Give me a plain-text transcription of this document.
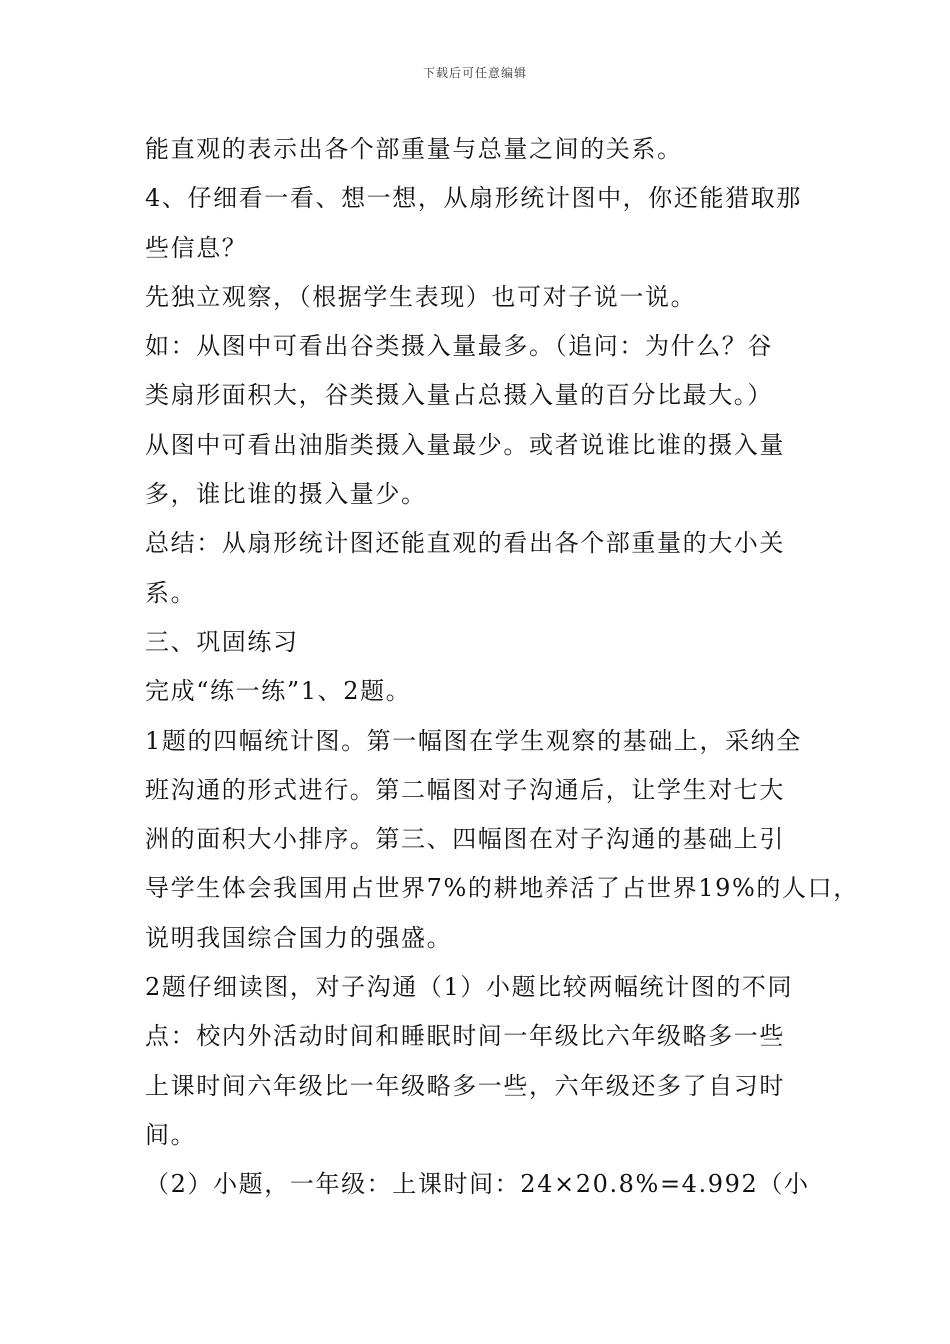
下载后可任意编辑
能直观的表示出各个部重量与总量之间的关系。
4、仔细看一看、想一想，从扇形统计图中，你还能猎取那
些信息？
先独立观察，（根据学生表现）也可对子说一说。
如：从图中可看出谷类摄入量最多。（追问：为什么？谷
类扇形面积大，谷类摄入量占总摄入量的百分比最大。）
从图中可看出油脂类摄入量最少。或者说谁比谁的摄入量
多，谁比谁的摄入量少。
总结：从扇形统计图还能直观的看出各个部重量的大小关
系。
三、巩固练习
完成“练一练”1、2题。
1题的四幅统计图。第一幅图在学生观察的基础上，采纳全
班沟通的形式进行。第二幅图对子沟通后，让学生对七大
洲的面积大小排序。第三、四幅图在对子沟通的基础上引
导学生体会我国用占世界7%的耕地养活了占世界19%的人口，
说明我国综合国力的强盛。
2题仔细读图，对子沟通（1）小题比较两幅统计图的不同
点：校内外活动时间和睡眠时间一年级比六年级略多一些
上课时间六年级比一年级略多一些，六年级还多了自习时
间。
（2）小题，一年级：上课时间：24×20.8%=4.992（小
